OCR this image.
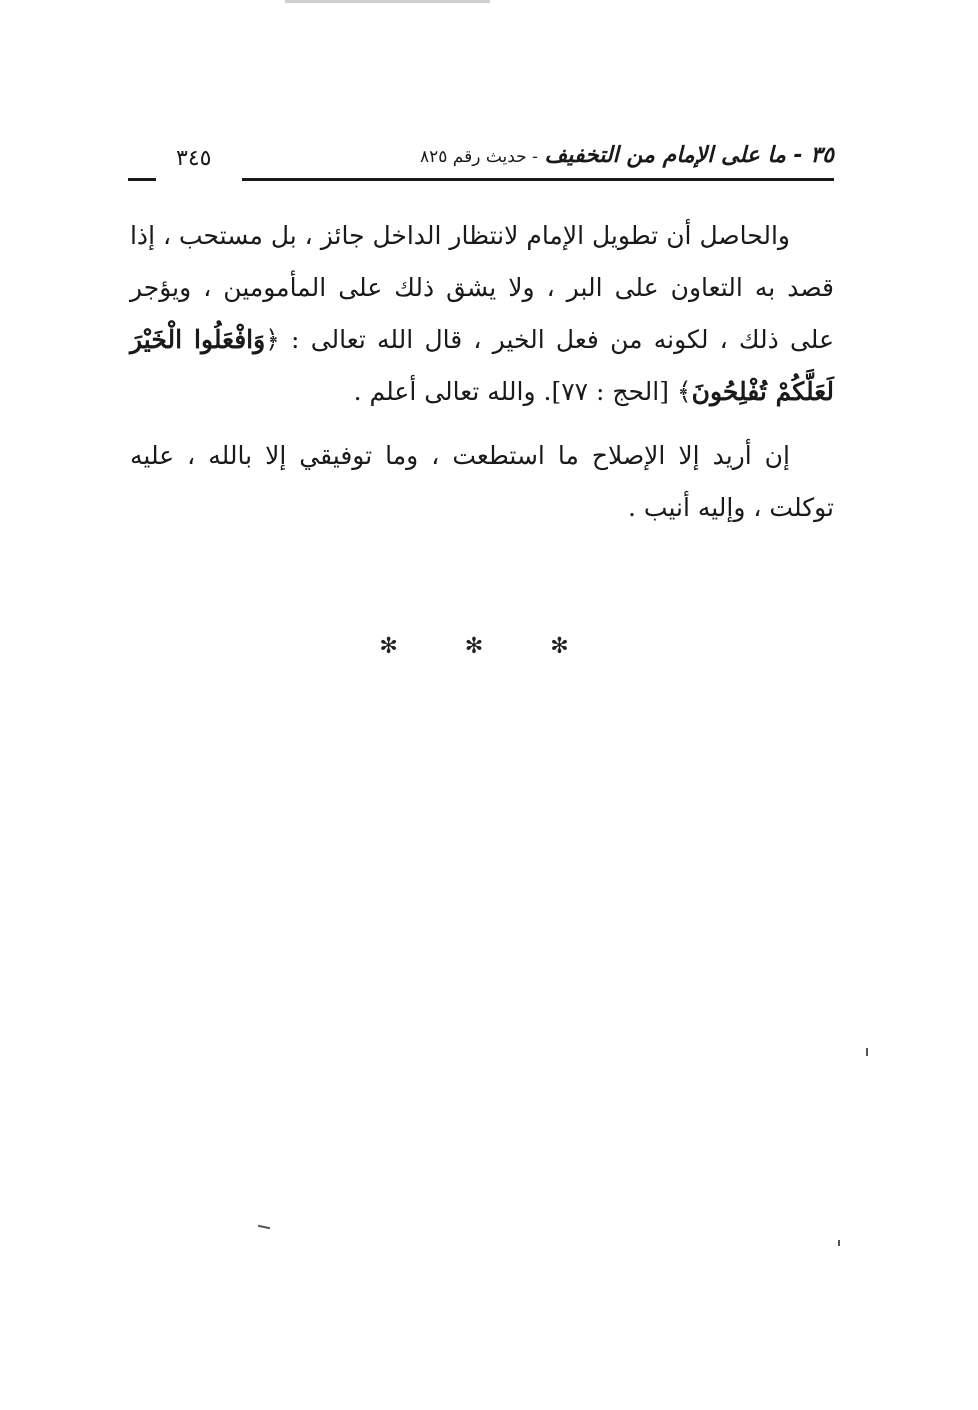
٣٥ - ما على الإمام من التخفيف - حديث رقم ٨٢٥
٣٤٥

والحاصل أن تطويل الإمام لانتظار الداخل جائز ، بل مستحب ، إذا قصد به التعاون على البر ، ولا يشق ذلك على المأمومين ، ويؤجر على ذلك ، لكونه من فعل الخير ، قال الله تعالى : ﴿وَافْعَلُوا الْخَيْرَ لَعَلَّكُمْ تُفْلِحُونَ﴾ [الحج : ٧٧]. والله تعالى أعلم .

إن أريد إلا الإصلاح ما استطعت ، وما توفيقي إلا بالله ، عليه توكلت ، وإليه أنيب .

✻ ✻ ✻
